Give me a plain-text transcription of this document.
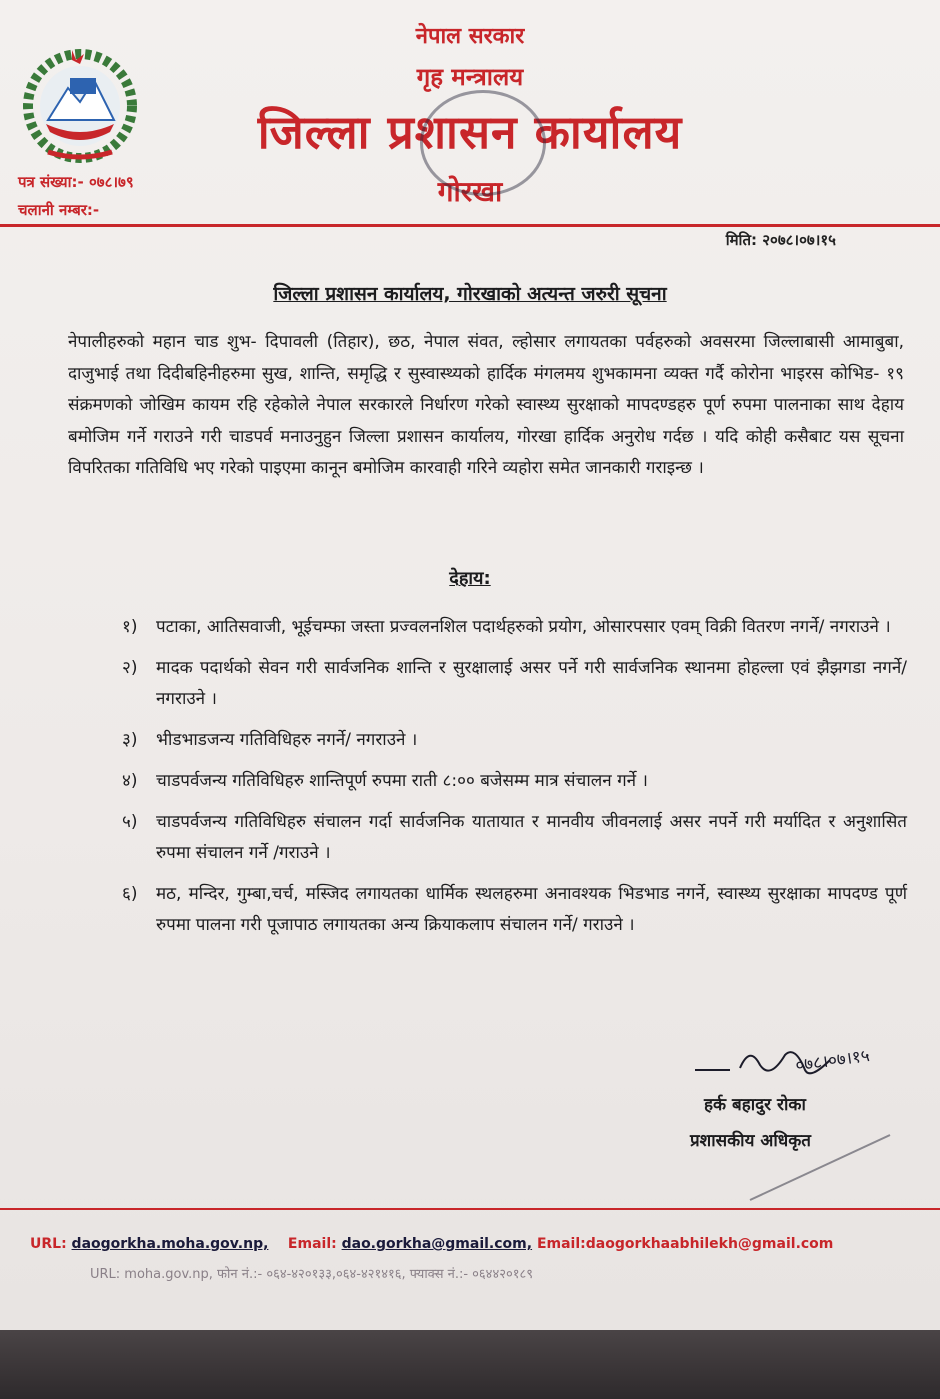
नेपाल सरकार
गृह मन्त्रालय
जिल्ला प्रशासन कार्यालय
गोरखा
पत्र संख्या:- ०७८।७९
चलानी नम्बर:-
मिति: २०७८।०७।१५
जिल्ला प्रशासन कार्यालय, गोरखाको अत्यन्त जरुरी सूचना
नेपालीहरुको महान चाड शुभ- दिपावली (तिहार), छठ, नेपाल संवत, ल्होसार लगायतका पर्वहरुको अवसरमा जिल्लाबासी आमाबुबा, दाजुभाई तथा दिदीबहिनीहरुमा सुख, शान्ति, समृद्धि र सुस्वास्थ्यको हार्दिक मंगलमय शुभकामना व्यक्त गर्दै कोरोना भाइरस कोभिड- १९ संक्रमणको जोखिम कायम रहि रहेकोले नेपाल सरकारले निर्धारण गरेको स्वास्थ्य सुरक्षाको मापदण्डहरु पूर्ण रुपमा पालनाका साथ देहाय बमोजिम गर्ने गराउने गरी चाडपर्व मनाउनुहुन जिल्ला प्रशासन कार्यालय, गोरखा हार्दिक अनुरोध गर्दछ । यदि कोही कसैबाट यस सूचना विपरितका गतिविधि भए गरेको पाइएमा कानून बमोजिम कारवाही गरिने व्यहोरा समेत जानकारी गराइन्छ ।
देहाय:
१)	पटाका, आतिसवाजी, भूईचम्फा जस्ता प्रज्वलनशिल पदार्थहरुको प्रयोग, ओसारपसार एवम् विक्री वितरण नगर्ने/ नगराउने ।
२)	मादक पदार्थको सेवन गरी सार्वजनिक शान्ति र सुरक्षालाई असर पर्ने गरी सार्वजनिक स्थानमा होहल्ला एवं झैझगडा नगर्ने/नगराउने ।
३)	भीडभाडजन्य गतिविधिहरु नगर्ने/ नगराउने ।
४)	चाडपर्वजन्य गतिविधिहरु शान्तिपूर्ण रुपमा राती ८:०० बजेसम्म मात्र संचालन गर्ने ।
५)	चाडपर्वजन्य गतिविधिहरु संचालन गर्दा सार्वजनिक यातायात र मानवीय जीवनलाई असर नपर्ने गरी मर्यादित र अनुशासित रुपमा संचालन गर्ने /गराउने ।
६)	मठ, मन्दिर, गुम्बा,चर्च, मस्जिद लगायतका धार्मिक स्थलहरुमा अनावश्यक भिडभाड नगर्ने, स्वास्थ्य सुरक्षाका मापदण्ड पूर्ण रुपमा पालना गरी पूजापाठ लगायतका अन्य क्रियाकलाप संचालन गर्ने/ गराउने ।
०७८।०७।१५
हर्क बहादुर रोका
प्रशासकीय अधिकृत
URL: daogorkha.moha.gov.np, Email: dao.gorkha@gmail.com, Email:daogorkhaabhilekh@gmail.com
URL: moha.gov.np, फोन नं.:- ०६४-४२०१३३,०६४-४२१४१६, फ्याक्स नं.:- ०६४४२०१८९
